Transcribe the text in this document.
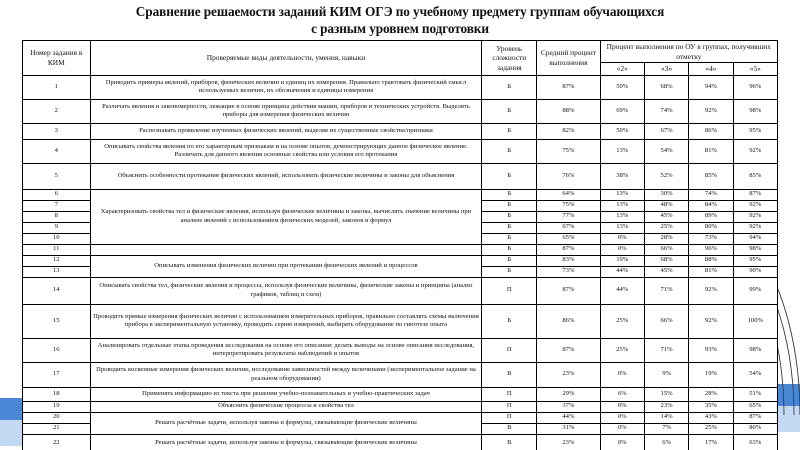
Сравнение решаемости заданий КИМ ОГЭ по учебному предмету группам обучающихся
с разным уровнем подготовки
Номер задания в КИМ	Проверяемые виды деятельности, умения, навыки	Уровень сложности задания	Средний процент выполнения	Процент выполнения по ОУ в группах, получивших отметку			
				«2»	«3»	«4»	«5»
1	Приводить примеры явлений, приборов, физических величин и единиц их измерения. Правильно трактовать физический смысл используемых величин, их обозначения и единицы измерения	Б	87%	50%	68%	94%	96%
2	Различать явления и закономерности, лежащие в основе принципа действия машин, приборов и технических устройств. Выделять приборы для измерения физических величин	Б	88%	69%	74%	92%	98%
3	Распознавать проявление изученных физических явлений, выделяя их существенные свойства/признаки	Б	82%	50%	67%	86%	95%
4	Описывать свойства явления по его характерным признакам и на основе опытов, демонстрирующих данное физическое явление. Различать для данного явления основные свойства или условия его протекания	Б	75%	13%	54%	81%	92%
5	Объяснить особенности протекания физических явлений, использовать физические величины и законы для объяснения	Б	76%	38%	52%	85%	85%
6	Характеризовать свойства тел и физические явления, используя физические величины и законы, вычислять значение величины при анализе явлений с использованием физических моделей, законов и формул	Б	64%	13%	30%	74%	87%
7		Б	75%	13%	48%	84%	92%
8		Б	77%	13%	45%	89%	92%
9		Б	67%	13%	25%	80%	92%
10		Б	65%	0%	28%	73%	94%
11		Б	87%	0%	66%	96%	98%
12	Описывать изменения физических величин при протекании физических явлений и процессов	Б	83%	19%	68%	88%	95%
13		Б	73%	44%	45%	81%	90%
14	Описывать свойства тел, физические явления и процессы, используя физические величины, физические законы и принципы (анализ графиков, таблиц и схем)	П	87%	44%	71%	92%	99%
15	Проводить прямые измерения физических величин с использованием измерительных приборов, правильно составлять схемы включения прибора в экспериментальную установку, проводить серию измерений, выбирать оборудование по гипотезе опыта	Б	86%	25%	66%	92%	100%
16	Анализировать отдельные этапы проведения исследования на основе его описания: делать выводы на основе описания исследования, интерпретировать результаты наблюдений и опытов	П	87%	25%	71%	93%	98%
17	Проводить косвенные измерения физических величин, исследование зависимостей между величинами (экспериментальное задание на реальном оборудовании)	В	23%	0%	9%	19%	54%
18	Применять информацию из текста при решении учебно-познавательных и учебно-практических задач	П	29%	6%	15%	28%	51%
19	Объяснить физические процессы и свойства тел	П	37%	0%	23%	35%	65%
20	Решать расчётные задачи, используя законы и формулы, связывающие физические величины	П	44%	0%	14%	43%	87%
21		В	31%	0%	7%	25%	80%
22	Решать расчётные задачи, используя законы и формулы, связывающие физические величины	В	23%	0%	6%	17%	63%
